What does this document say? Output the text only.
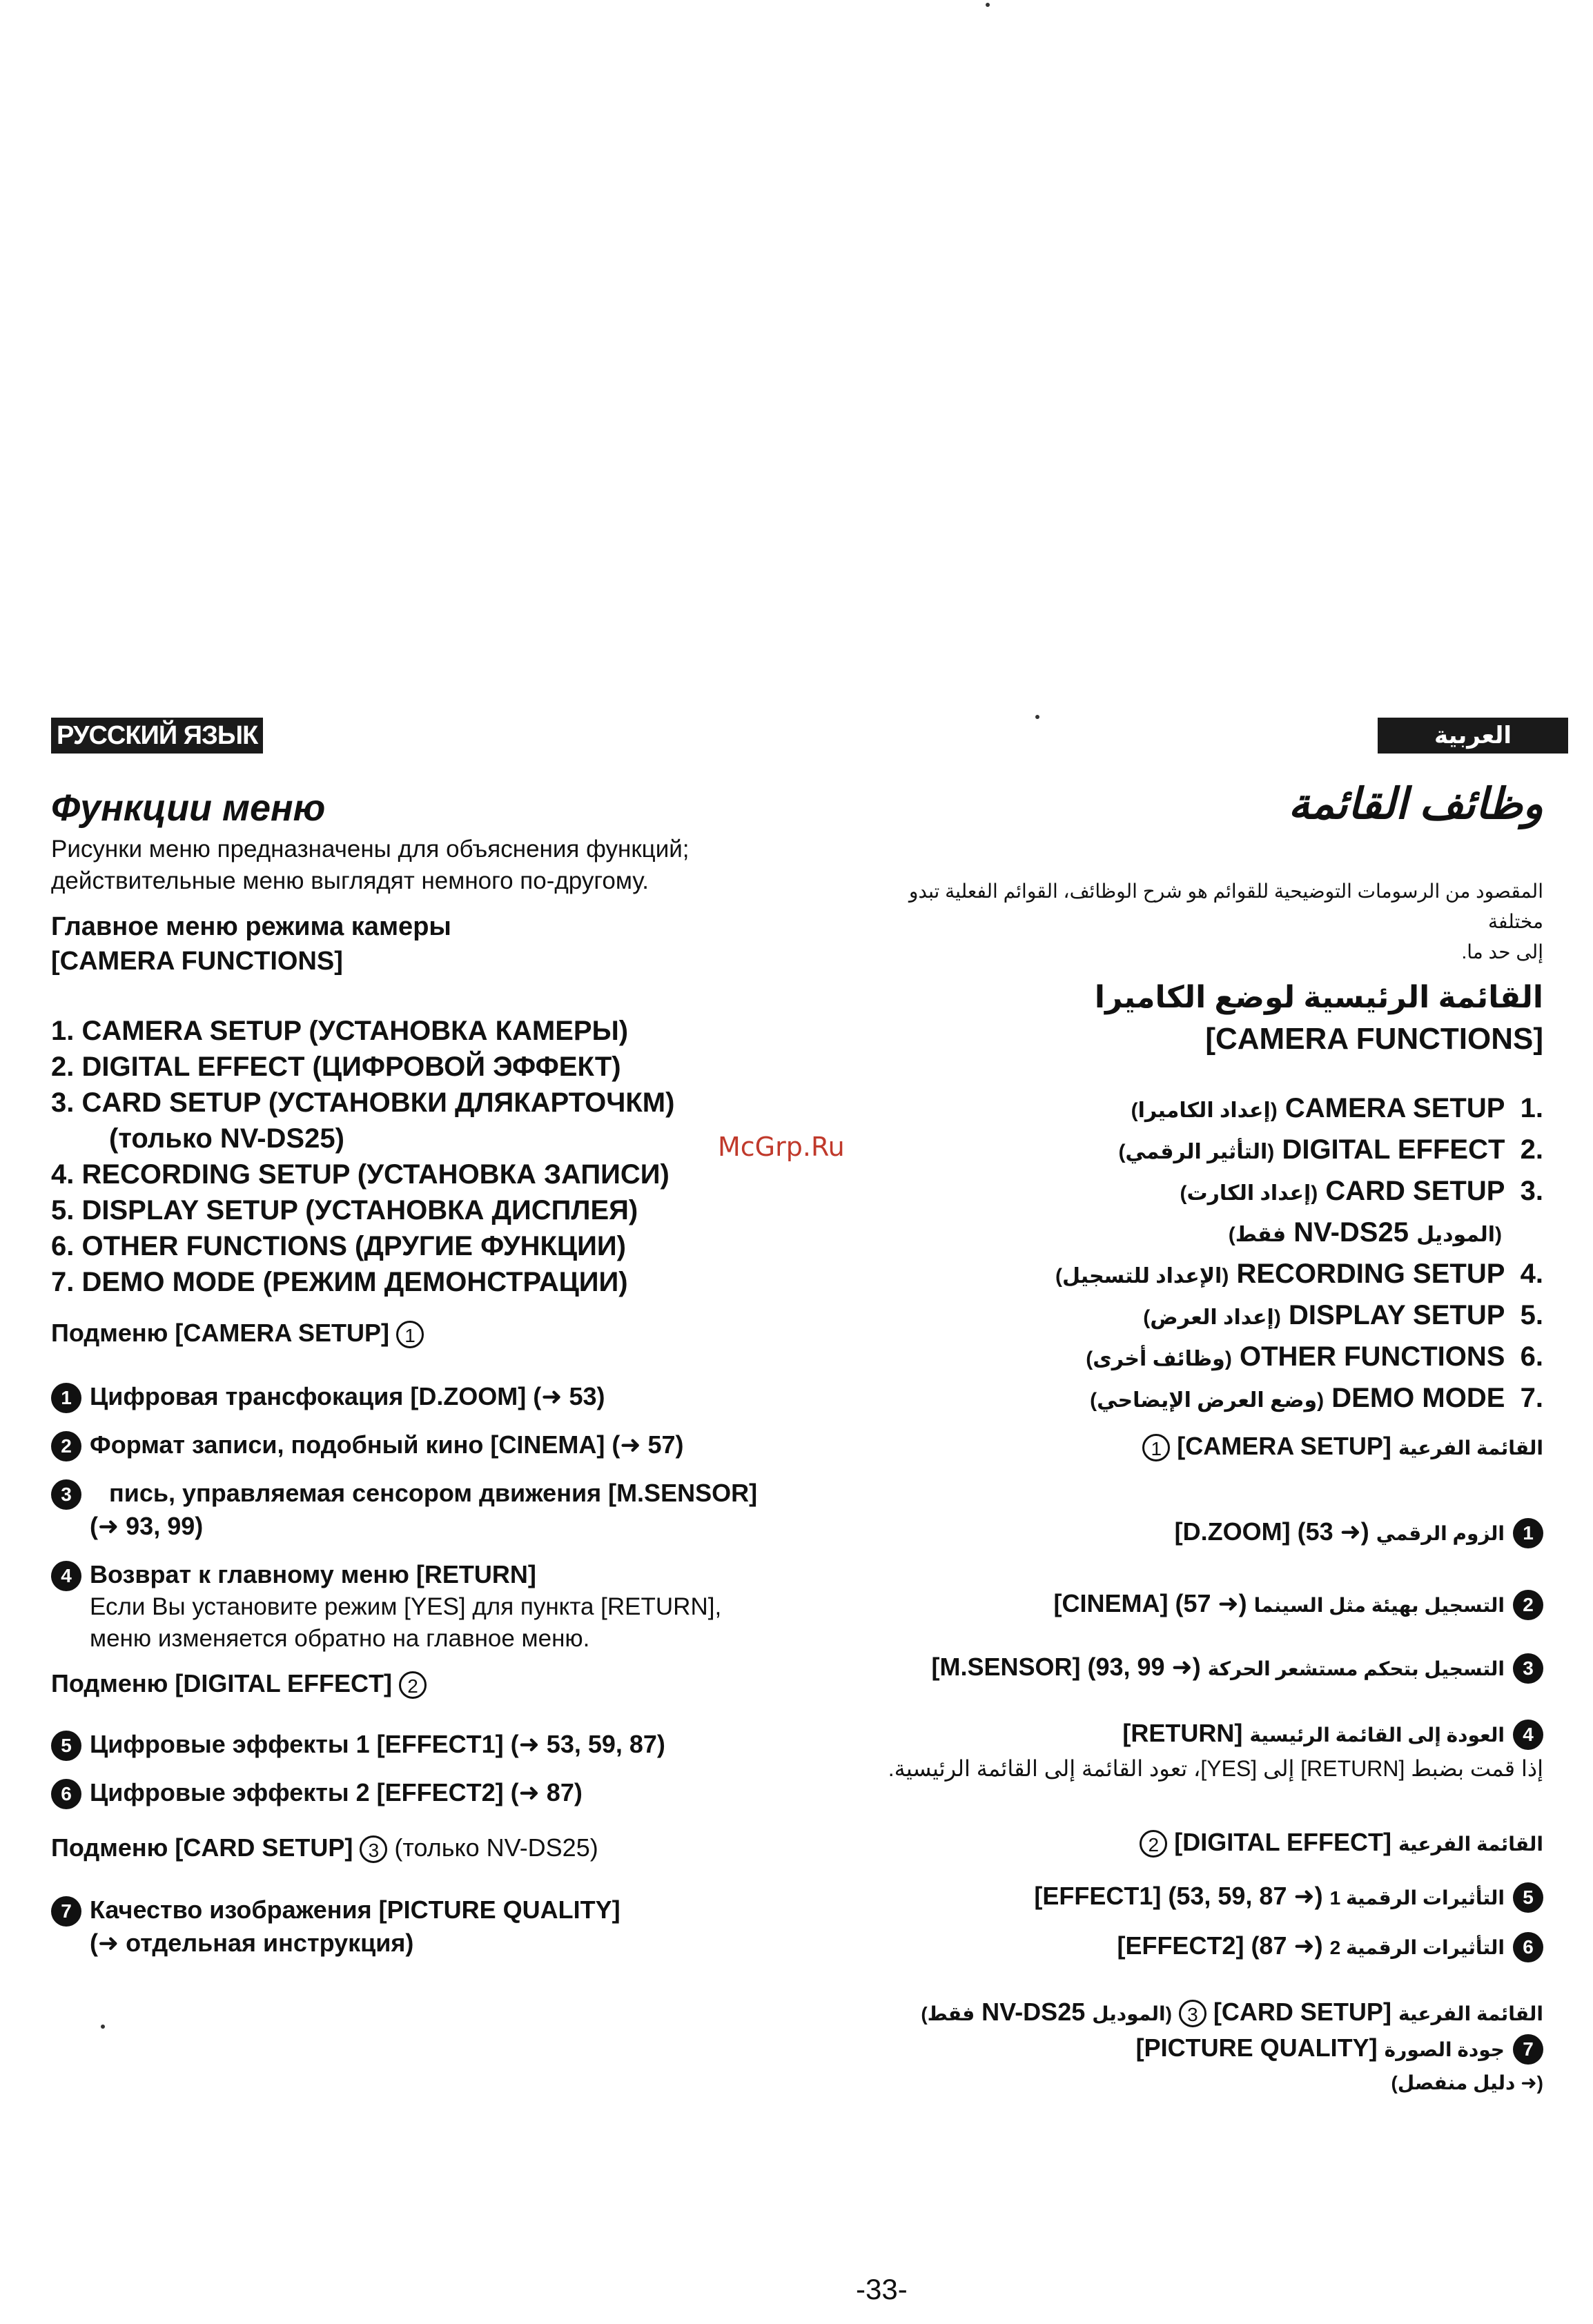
РУССКИЙ ЯЗЫК
Функции меню
Рисунки меню предназначены для объяснения функций;
действительные меню выглядят немного по-другому.
Главное меню режима камеры
[CAMERA FUNCTIONS]
1. CAMERA SETUP (УСТАНОВКА КАМЕРЫ)
2. DIGITAL EFFECT (ЦИФРОВОЙ ЭФФЕКТ)
3. CARD SETUP (УСТАНОВКИ ДЛЯКАРТОЧКМ)
(только NV-DS25)
4. RECORDING SETUP (УСТАНОВКА ЗАПИСИ)
5. DISPLAY SETUP (УСТАНОВКА ДИСПЛЕЯ)
6. OTHER FUNCTIONS (ДРУГИЕ ФУНКЦИИ)
7. DEMO MODE (РЕЖИМ ДЕМОНСТРАЦИИ)
McGrp.Ru
Подменю [CAMERA SETUP] 1
1 Цифровая трансфокация [D.ZOOM] (➜ 53)
2 Формат записи, подобный кино [CINEMA] (➜ 57)
3 пись, управляемая сенсором движения [M.SENSOR]
(➜ 93, 99)
4 Возврат к главному меню [RETURN]
Если Вы установите режим [YES] для пункта [RETURN],
меню изменяется обратно на главное меню.
Подменю [DIGITAL EFFECT] 2
5 Цифровые эффекты 1 [EFFECT1] (➜ 53, 59, 87)
6 Цифровые эффекты 2 [EFFECT2] (➜ 87)
Подменю [CARD SETUP] 3 (только NV-DS25)
7 Качество изображения [PICTURE QUALITY]
(➜ отдельная инструкция)
العربية
وظائف القائمة
المقصود من الرسومات التوضيحية للقوائم هو شرح الوظائف، القوائم الفعلية تبدو مختلفة
إلى حد ما.
القائمة الرئيسية لوضع الكاميرا
[CAMERA FUNCTIONS]
.1  CAMERA SETUP (إعداد الكاميرا)
.2  DIGITAL EFFECT (التأثير الرقمي)
.3  CARD SETUP (إعداد الكارت)
(الموديل NV-DS25 فقط)
.4  RECORDING SETUP (الإعداد للتسجيل)
.5  DISPLAY SETUP (إعداد العرض)
.6  OTHER FUNCTIONS (وظائف أخرى)
.7  DEMO MODE (وضع العرض الإيضاحي)
القائمة الفرعية [CAMERA SETUP] 1
1الزوم الرقمي [D.ZOOM] (53 ➜)
2التسجيل بهيئة مثل السينما [CINEMA] (57 ➜)
3التسجيل بتحكم مستشعر الحركة [M.SENSOR] (93, 99 ➜)
4العودة إلى القائمة الرئيسية [RETURN]
إذا قمت بضبط [RETURN] إلى [YES]، تعود القائمة إلى القائمة الرئيسية.
القائمة الفرعية [DIGITAL EFFECT] 2
5التأثيرات الرقمية 1 [EFFECT1] (53, 59, 87 ➜)
6التأثيرات الرقمية 2 [EFFECT2] (87 ➜)
القائمة الفرعية [CARD SETUP] 3 (الموديل NV-DS25 فقط)
7جودة الصورة [PICTURE QUALITY]
(➜ دليل منفصل)
-33-
